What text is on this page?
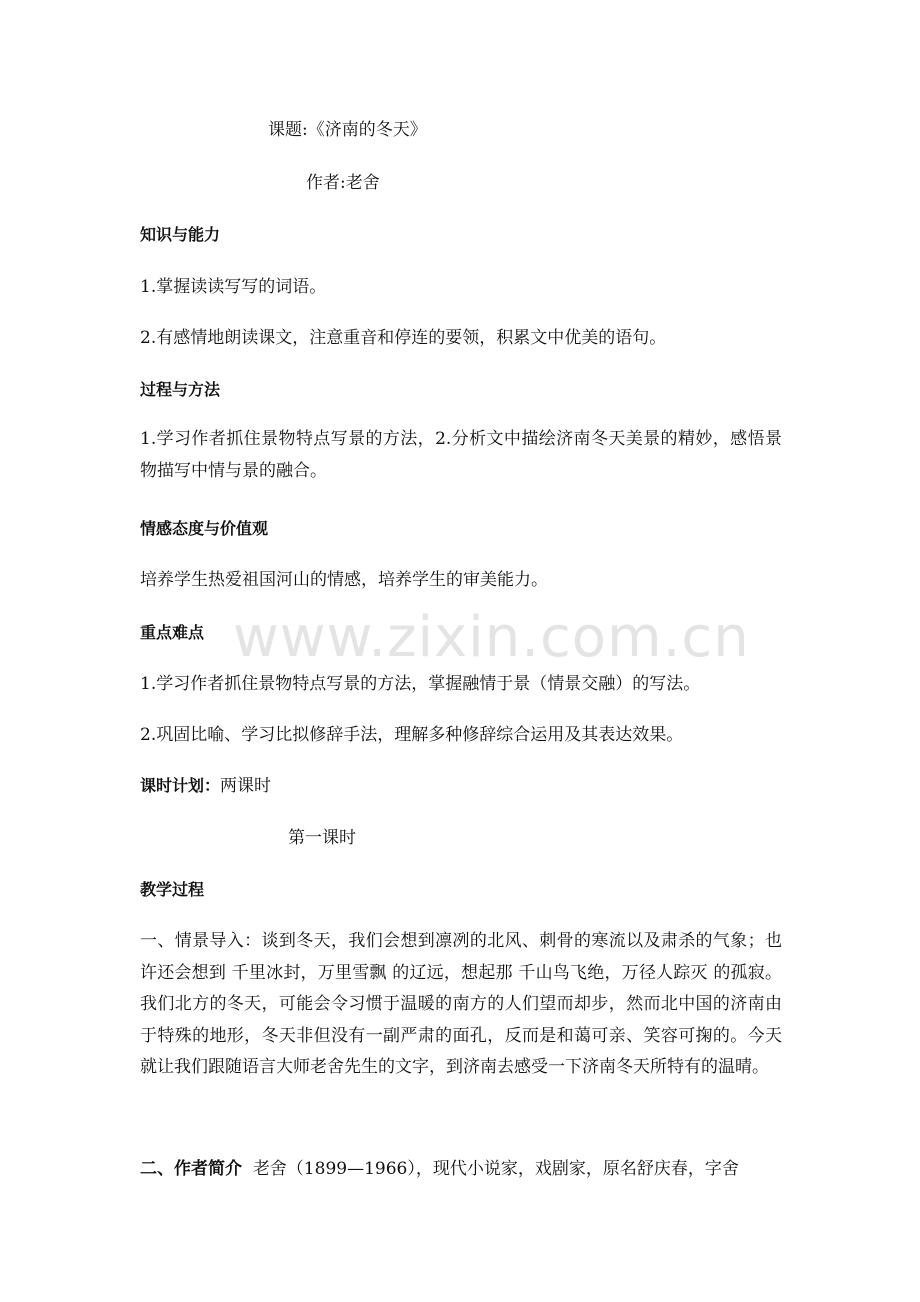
www.zixin.com.cn

课题:《济南的冬天》

作者:老舍

知识与能力

1.掌握读读写写的词语。

2.有感情地朗读课文，注意重音和停连的要领，积累文中优美的语句。

过程与方法

1.学习作者抓住景物特点写景的方法，2.分析文中描绘济南冬天美景的精妙，感悟景物描写中情与景的融合。

情感态度与价值观

培养学生热爱祖国河山的情感，培养学生的审美能力。

重点难点

1.学习作者抓住景物特点写景的方法，掌握融情于景（情景交融）的写法。

2.巩固比喻、学习比拟修辞手法，理解多种修辞综合运用及其表达效果。

课时计划：两课时

第一课时

教学过程

一、情景导入：谈到冬天，我们会想到凛冽的北风、刺骨的寒流以及肃杀的气象；也许还会想到 千里冰封，万里雪飘 的辽远，想起那 千山鸟飞绝，万径人踪灭 的孤寂。我们北方的冬天，可能会令习惯于温暖的南方的人们望而却步，然而北中国的济南由于特殊的地形，冬天非但没有一副严肃的面孔，反而是和蔼可亲、笑容可掬的。今天就让我们跟随语言大师老舍先生的文字，到济南去感受一下济南冬天所特有的温晴。

二、作者简介 老舍（1899—1966），现代小说家，戏剧家，原名舒庆春，字舍
